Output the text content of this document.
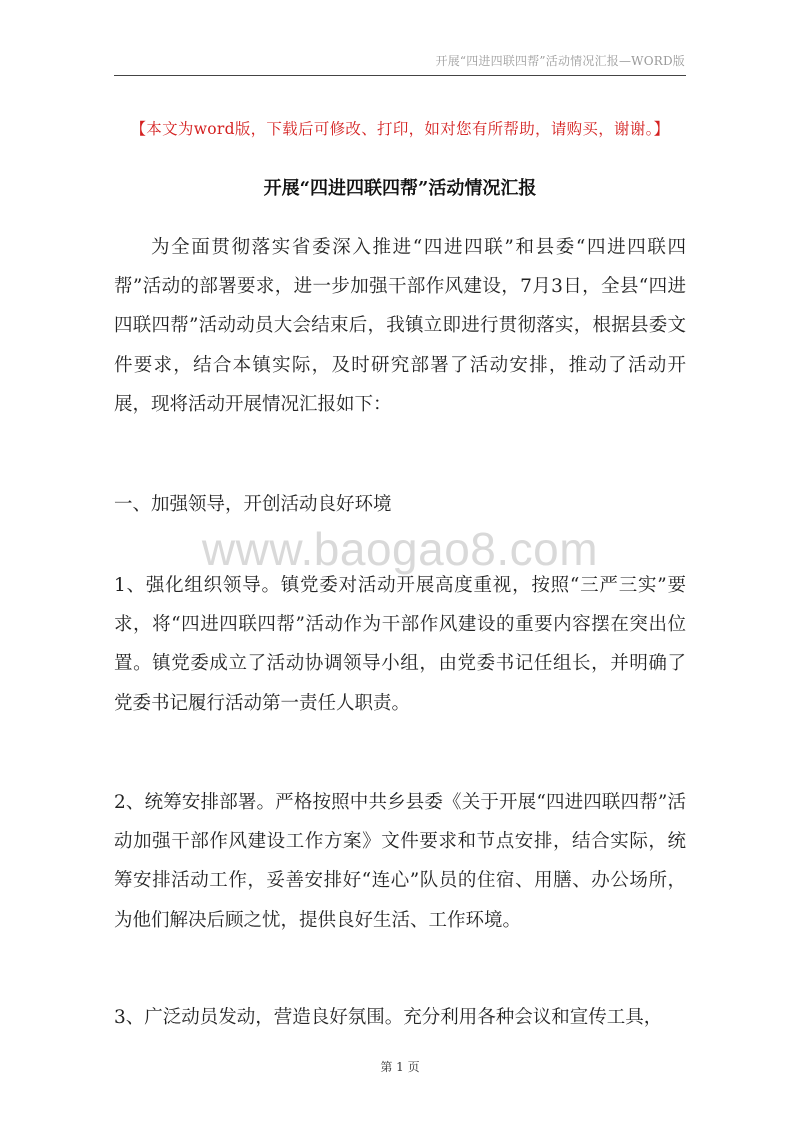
开展“四进四联四帮”活动情况汇报—WORD版
【本文为word版，下载后可修改、打印，如对您有所帮助，请购买，谢谢。】
开展“四进四联四帮”活动情况汇报
为全面贯彻落实省委深入推进“四进四联”和县委“四进四联四帮”活动的部署要求，进一步加强干部作风建设，7月3日，全县“四进四联四帮”活动动员大会结束后，我镇立即进行贯彻落实，根据县委文件要求，结合本镇实际，及时研究部署了活动安排，推动了活动开展，现将活动开展情况汇报如下：
一、加强领导，开创活动良好环境
www.baogao8.com
1、强化组织领导。镇党委对活动开展高度重视，按照“三严三实”要求，将“四进四联四帮”活动作为干部作风建设的重要内容摆在突出位置。镇党委成立了活动协调领导小组，由党委书记任组长，并明确了党委书记履行活动第一责任人职责。
2、统筹安排部署。严格按照中共乡县委《关于开展“四进四联四帮”活动加强干部作风建设工作方案》文件要求和节点安排，结合实际，统筹安排活动工作，妥善安排好“连心”队员的住宿、用膳、办公场所，为他们解决后顾之忧，提供良好生活、工作环境。
3、广泛动员发动，营造良好氛围。充分利用各种会议和宣传工具，
第 1 页
